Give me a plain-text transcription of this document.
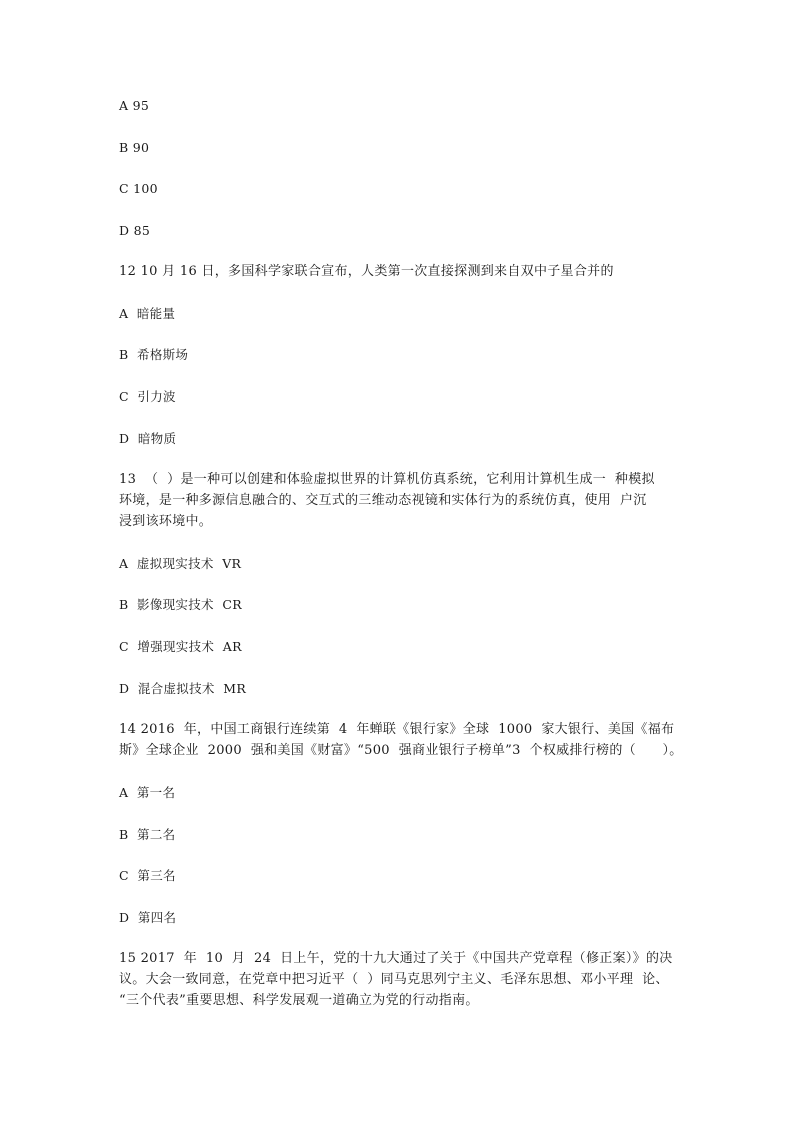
A 95
B 90
C 100
D 85
12 10 月 16 日，多国科学家联合宣布，人类第一次直接探测到来自双中子星合并的
A  暗能量
B  希格斯场
C  引力波
D  暗物质
13  （  ）是一种可以创建和体验虚拟世界的计算机仿真系统，它利用计算机生成一  种模拟
环境，是一种多源信息融合的、交互式的三维动态视镜和实体行为的系统仿真，使用  户沉
浸到该环境中。
A  虚拟现实技术  VR
B  影像现实技术  CR
C  增强现实技术  AR
D  混合虚拟技术  MR
14 2016  年，中国工商银行连续第  4  年蝉联《银行家》全球  1000  家大银行、美国《福布
斯》全球企业  2000  强和美国《财富》“500  强商业银行子榜单”3  个权威排行榜的（      ）。
A  第一名
B  第二名
C  第三名
D  第四名
15 2017  年  10  月  24  日上午，党的十九大通过了关于《中国共产党章程（修正案）》的决
议。大会一致同意，在党章中把习近平（  ）同马克思列宁主义、毛泽东思想、邓小平理  论、
“三个代表”重要思想、科学发展观一道确立为党的行动指南。
